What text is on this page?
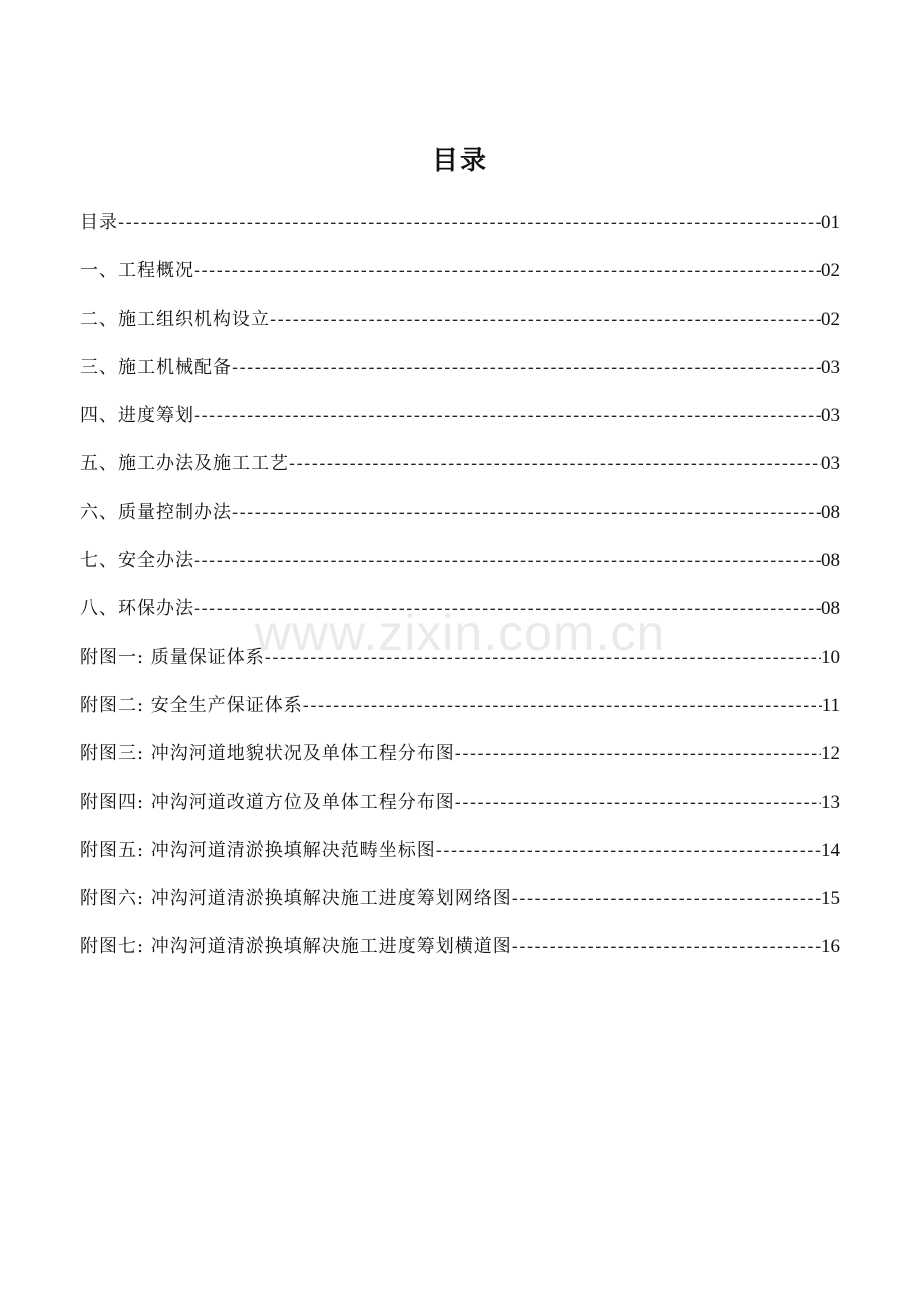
目录
目录 -----	01
一、工程概况 -----	02
二、施工组织机构设立 -----	02
三、施工机械配备 -----	03
四、进度筹划 -----	03
五、施工办法及施工工艺 -----	03
六、质量控制办法 -----	08
七、安全办法 -----	08
八、环保办法 -----	08
附图一: 质量保证体系 -----	10
附图二: 安全生产保证体系 -----	11
附图三: 冲沟河道地貌状况及单体工程分布图 -----	12
附图四: 冲沟河道改道方位及单体工程分布图 -----	13
附图五: 冲沟河道清淤换填解决范畴坐标图 -----	14
附图六: 冲沟河道清淤换填解决施工进度筹划网络图 -----	15
附图七: 冲沟河道清淤换填解决施工进度筹划横道图 -----	16
www.zixin.com.cn
